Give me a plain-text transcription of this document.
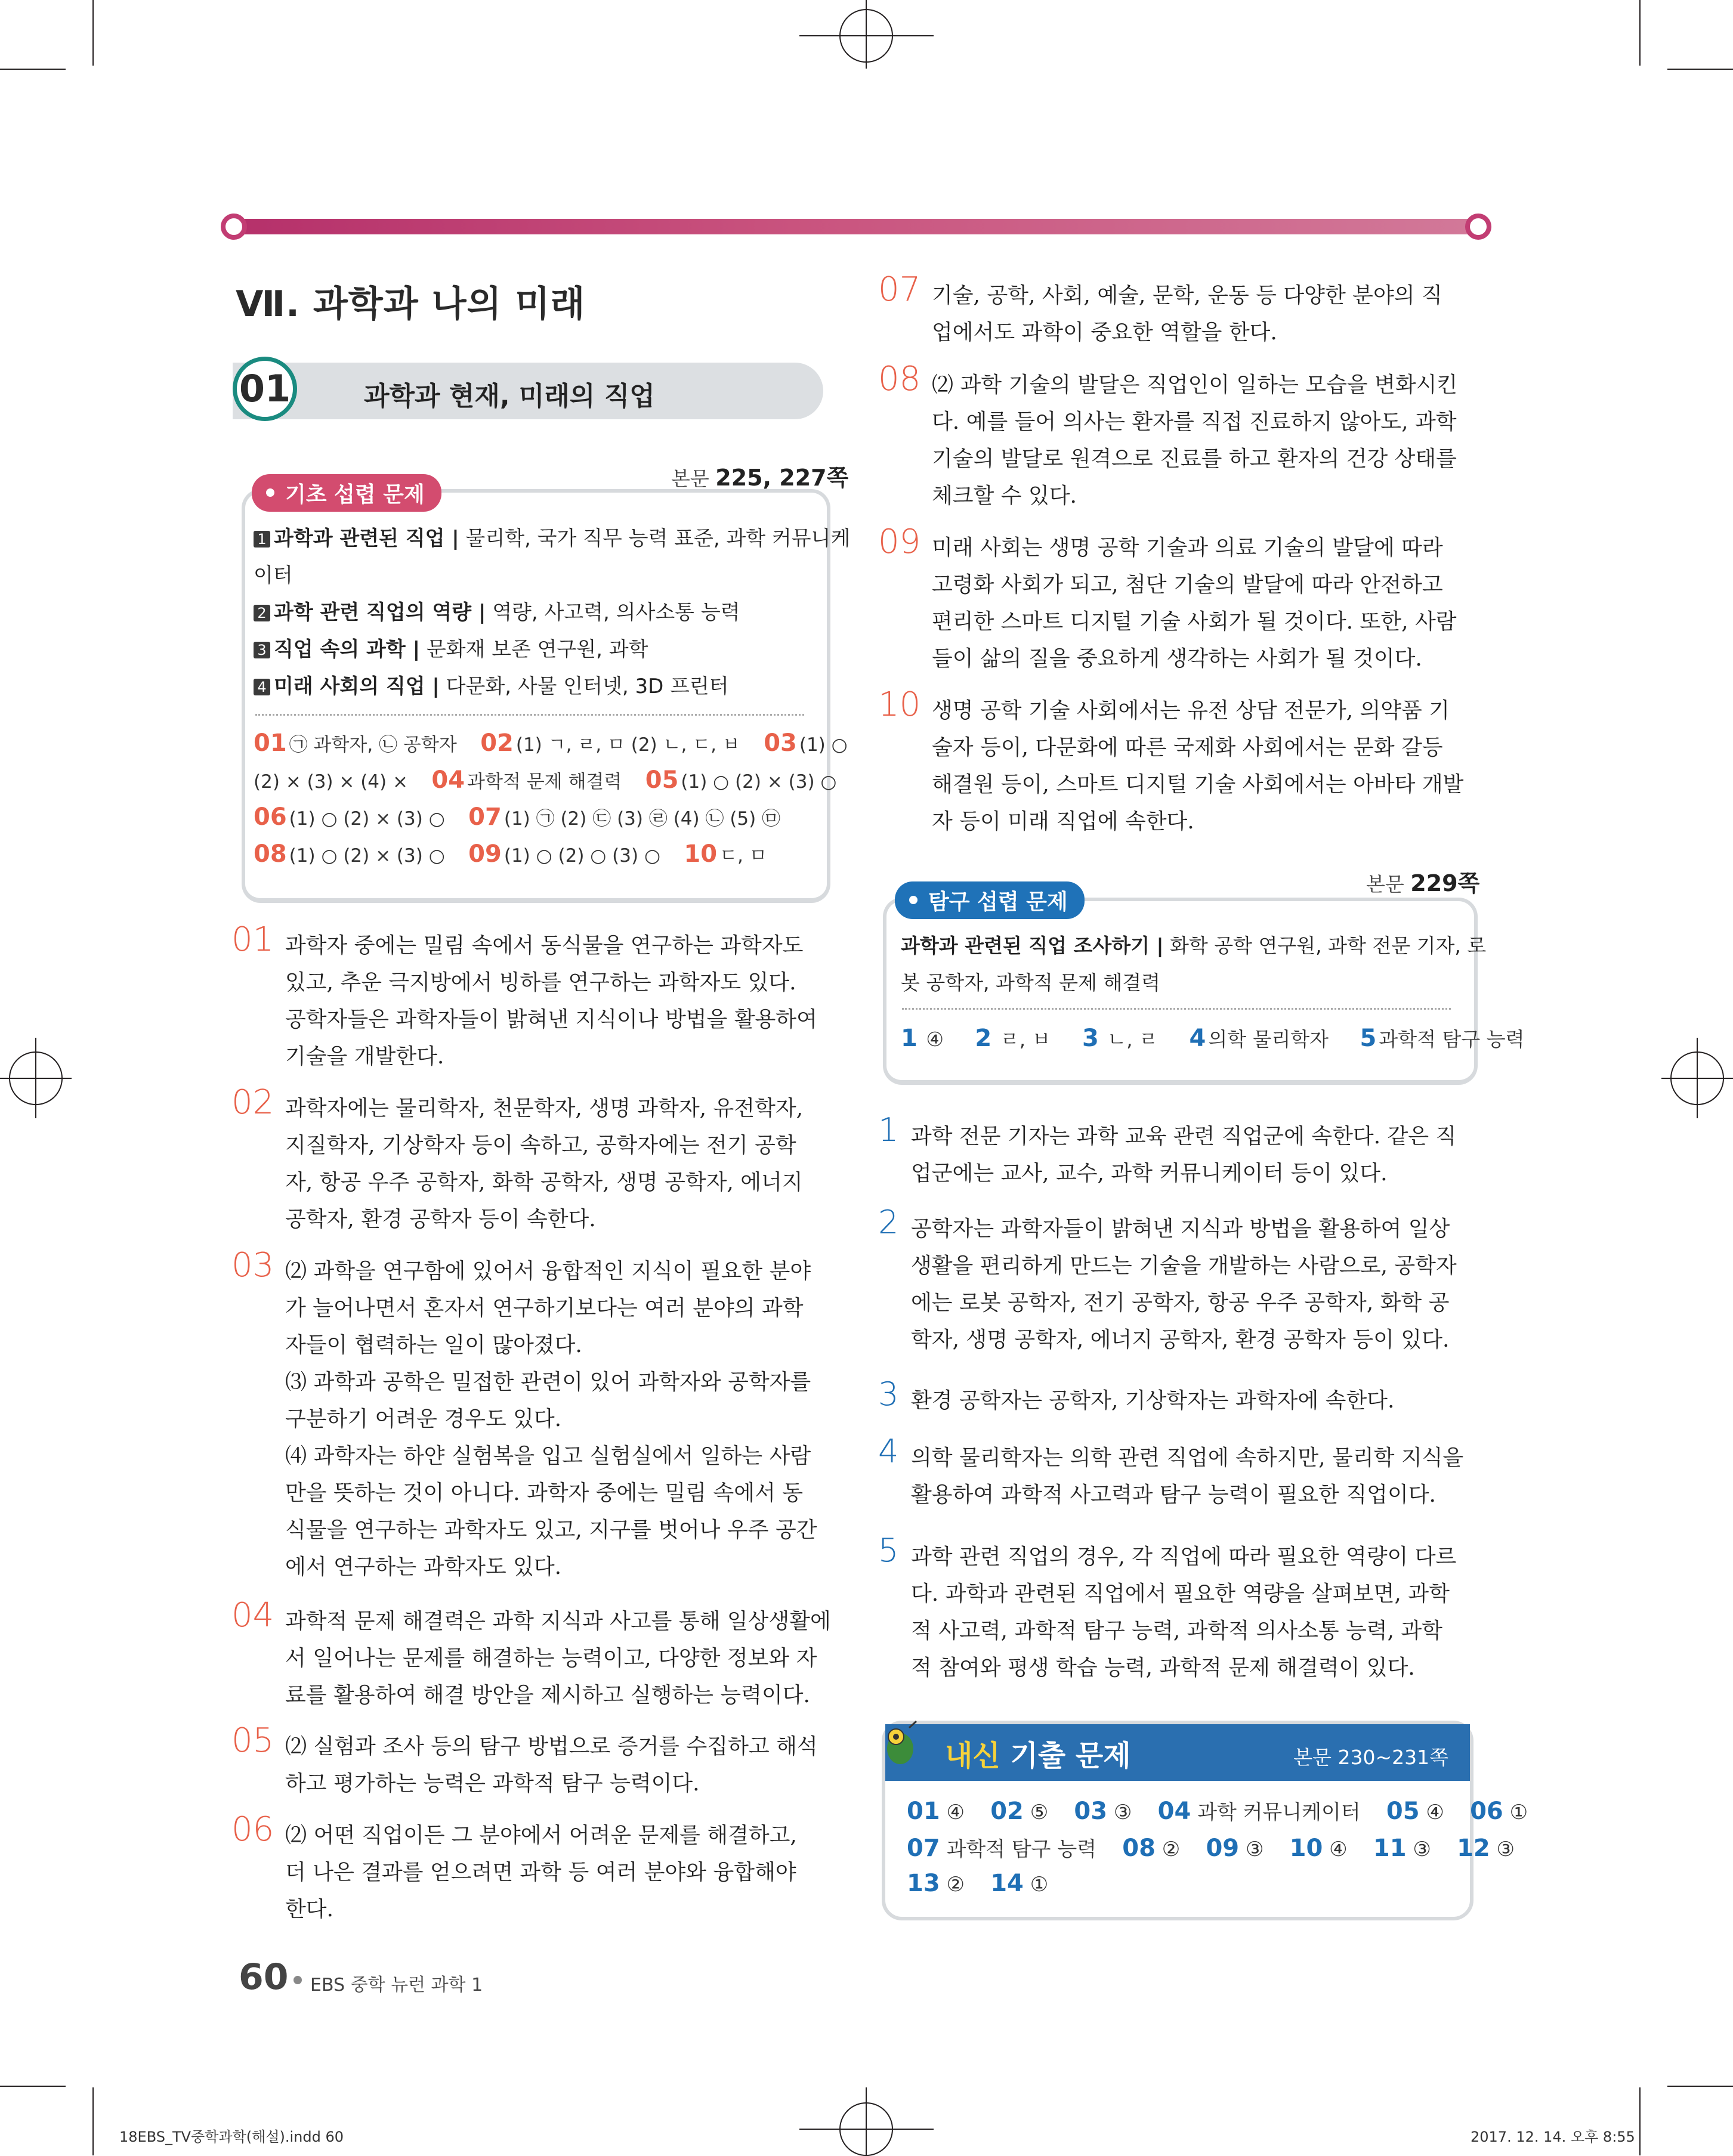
Ⅶ. 과학과 나의 미래
01	과학과 현재, 미래의 직업
본문 225, 227쪽
기초 섭렵 문제
1 과학과 관련된 직업 | 물리학, 국가 직무 능력 표준, 과학 커뮤니케
이터
2 과학 관련 직업의 역량 | 역량, 사고력, 의사소통 능력
3 직업 속의 과학 | 문화재 보존 연구원, 과학
4 미래 사회의 직업 | 다문화, 사물 인터넷, 3D 프린터
01 ㉠ 과학자, ㉡ 공학자 02 (1) ㄱ, ㄹ, ㅁ (2) ㄴ, ㄷ, ㅂ 03 (1) ○
(2) × (3) × (4) × 04 과학적 문제 해결력 05 (1) ○ (2) × (3) ○
06 (1) ○ (2) × (3) ○ 07 (1) ㉠ (2) ㉢ (3) ㉣ (4) ㉡ (5) ㉤
08 (1) ○ (2) × (3) ○ 09 (1) ○ (2) ○ (3) ○ 10 ㄷ, ㅁ
01 과학자 중에는 밀림 속에서 동식물을 연구하는 과학자도
있고, 추운 극지방에서 빙하를 연구하는 과학자도 있다.
공학자들은 과학자들이 밝혀낸 지식이나 방법을 활용하여
기술을 개발한다.
02 과학자에는 물리학자, 천문학자, 생명 과학자, 유전학자,
지질학자, 기상학자 등이 속하고, 공학자에는 전기 공학
자, 항공 우주 공학자, 화학 공학자, 생명 공학자, 에너지
공학자, 환경 공학자 등이 속한다.
03 ⑵ 과학을 연구함에 있어서 융합적인 지식이 필요한 분야
가 늘어나면서 혼자서 연구하기보다는 여러 분야의 과학
자들이 협력하는 일이 많아졌다.
⑶ 과학과 공학은 밀접한 관련이 있어 과학자와 공학자를
구분하기 어려운 경우도 있다.
⑷ 과학자는 하얀 실험복을 입고 실험실에서 일하는 사람
만을 뜻하는 것이 아니다. 과학자 중에는 밀림 속에서 동
식물을 연구하는 과학자도 있고, 지구를 벗어나 우주 공간
에서 연구하는 과학자도 있다.
04 과학적 문제 해결력은 과학 지식과 사고를 통해 일상생활에
서 일어나는 문제를 해결하는 능력이고, 다양한 정보와 자
료를 활용하여 해결 방안을 제시하고 실행하는 능력이다.
05 ⑵ 실험과 조사 등의 탐구 방법으로 증거를 수집하고 해석
하고 평가하는 능력은 과학적 탐구 능력이다.
06 ⑵ 어떤 직업이든 그 분야에서 어려운 문제를 해결하고,
더 나은 결과를 얻으려면 과학 등 여러 분야와 융합해야
한다.
07 기술, 공학, 사회, 예술, 문학, 운동 등 다양한 분야의 직
업에서도 과학이 중요한 역할을 한다.
08 ⑵ 과학 기술의 발달은 직업인이 일하는 모습을 변화시킨
다. 예를 들어 의사는 환자를 직접 진료하지 않아도, 과학
기술의 발달로 원격으로 진료를 하고 환자의 건강 상태를
체크할 수 있다.
09 미래 사회는 생명 공학 기술과 의료 기술의 발달에 따라
고령화 사회가 되고, 첨단 기술의 발달에 따라 안전하고
편리한 스마트 디지털 기술 사회가 될 것이다. 또한, 사람
들이 삶의 질을 중요하게 생각하는 사회가 될 것이다.
10 생명 공학 기술 사회에서는 유전 상담 전문가, 의약품 기
술자 등이, 다문화에 따른 국제화 사회에서는 문화 갈등
해결원 등이, 스마트 디지털 기술 사회에서는 아바타 개발
자 등이 미래 직업에 속한다.
본문 229쪽
탐구 섭렵 문제
과학과 관련된 직업 조사하기 | 화학 공학 연구원, 과학 전문 기자, 로
봇 공학자, 과학적 문제 해결력
1 ④ 2 ㄹ, ㅂ 3 ㄴ, ㄹ 4 의학 물리학자 5 과학적 탐구 능력
1 과학 전문 기자는 과학 교육 관련 직업군에 속한다. 같은 직
업군에는 교사, 교수, 과학 커뮤니케이터 등이 있다.
2 공학자는 과학자들이 밝혀낸 지식과 방법을 활용하여 일상
생활을 편리하게 만드는 기술을 개발하는 사람으로, 공학자
에는 로봇 공학자, 전기 공학자, 항공 우주 공학자, 화학 공
학자, 생명 공학자, 에너지 공학자, 환경 공학자 등이 있다.
3 환경 공학자는 공학자, 기상학자는 과학자에 속한다.
4 의학 물리학자는 의학 관련 직업에 속하지만, 물리학 지식을
활용하여 과학적 사고력과 탐구 능력이 필요한 직업이다.
5 과학 관련 직업의 경우, 각 직업에 따라 필요한 역량이 다르
다. 과학과 관련된 직업에서 필요한 역량을 살펴보면, 과학
적 사고력, 과학적 탐구 능력, 과학적 의사소통 능력, 과학
적 참여와 평생 학습 능력, 과학적 문제 해결력이 있다.
내신 기출 문제	본문 230~231쪽
01 ④ 02 ⑤ 03 ③ 04 과학 커뮤니케이터 05 ④ 06 ①
07 과학적 탐구 능력 08 ② 09 ③ 10 ④ 11 ③ 12 ③
13 ② 14 ①
60 EBS 중학 뉴런 과학 1
18EBS_TV중학과학(해설).indd 60	2017. 12. 14. 오후 8:55
